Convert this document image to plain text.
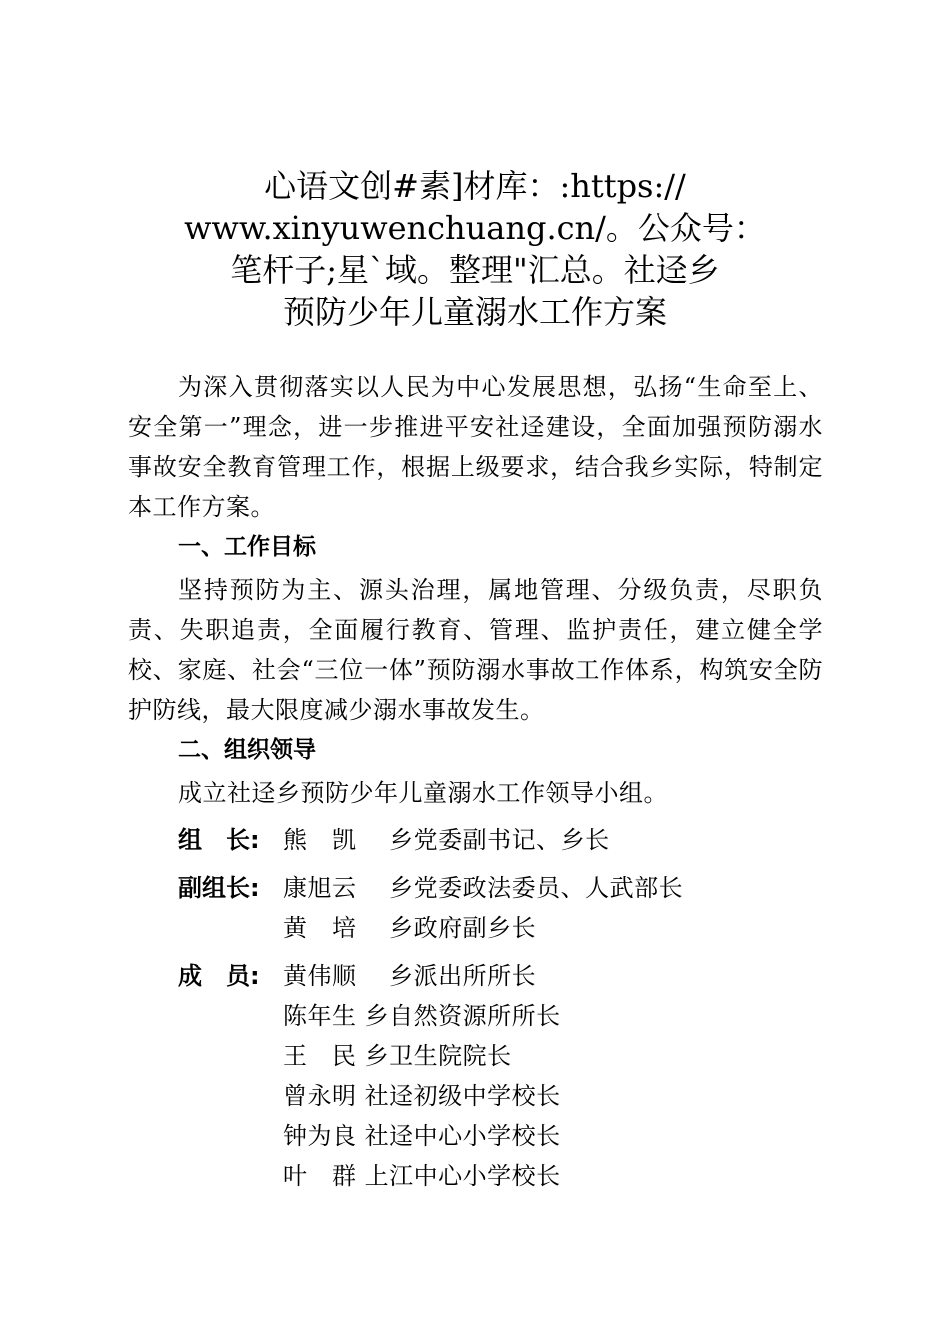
心语文创#素]材库：:https://
www.xinyuwenchuang.cn/。公众号：
笔杆子;星`域。整理"汇总。社迳乡
预防少年儿童溺水工作方案
为深入贯彻落实以人民为中心发展思想，弘扬“生命至上、安全第一”理念，进一步推进平安社迳建设，全面加强预防溺水事故安全教育管理工作，根据上级要求，结合我乡实际，特制定本工作方案。
一、工作目标
坚持预防为主、源头治理，属地管理、分级负责，尽职负责、失职追责，全面履行教育、管理、监护责任，建立健全学校、家庭、社会“三位一体”预防溺水事故工作体系，构筑安全防护防线，最大限度减少溺水事故发生。
二、组织领导
成立社迳乡预防少年儿童溺水工作领导小组。
组　长: 熊　凯　 乡党委副书记、乡长
副组长: 康旭云　 乡党委政法委员、人武部长
黄　培　 乡政府副乡长
成　员: 黄伟顺　 乡派出所所长
陈年生 乡自然资源所所长
王　民 乡卫生院院长
曾永明 社迳初级中学校长
钟为良 社迳中心小学校长
叶　群 上江中心小学校长
